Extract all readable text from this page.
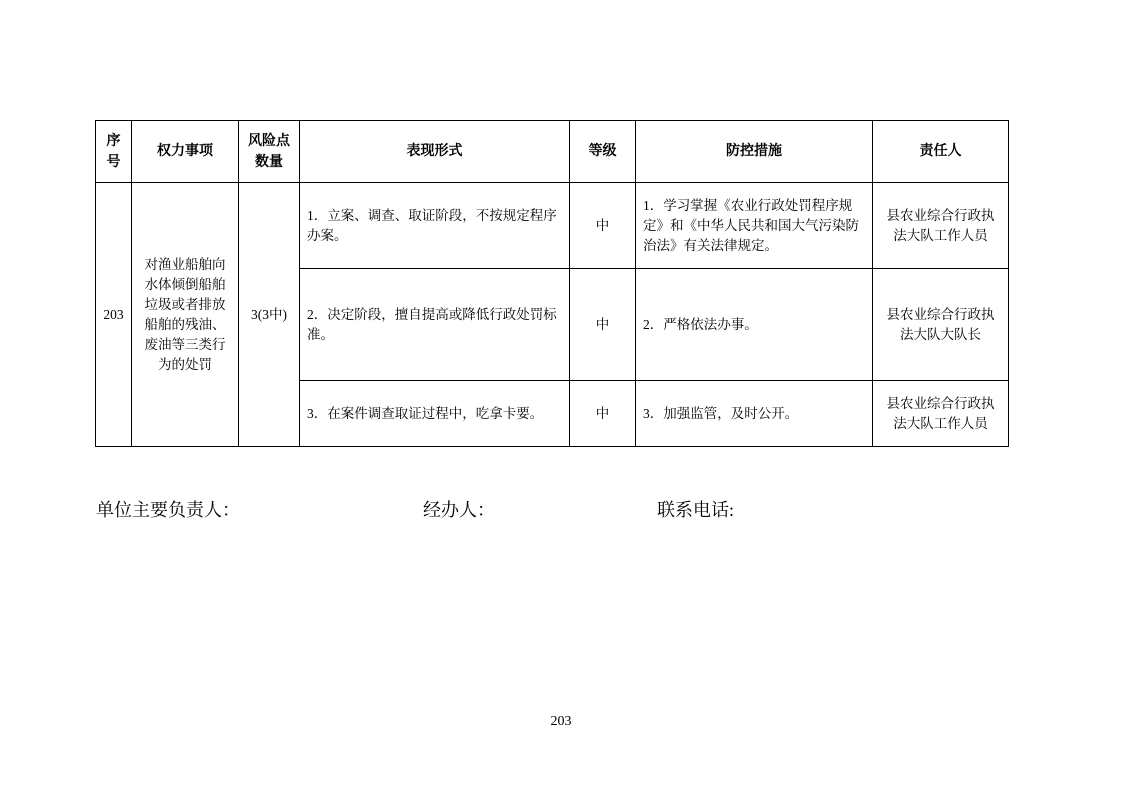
序号	权力事项	风险点数量	表现形式	等级	防控措施	责任人
203	对渔业船舶向水体倾倒船舶垃圾或者排放船舶的残油、废油等三类行为的处罚	3(3中)	1．立案、调查、取证阶段，不按规定程序办案。	中	1．学习掌握《农业行政处罚程序规定》和《中华人民共和国大气污染防治法》有关法律规定。	县农业综合行政执法大队工作人员
			2．决定阶段，擅自提高或降低行政处罚标准。	中	2．严格依法办事。	县农业综合行政执法大队大队长
			3．在案件调查取证过程中，吃拿卡要。	中	3．加强监管，及时公开。	县农业综合行政执法大队工作人员
单位主要负责人：	经办人：	联系电话:
203
